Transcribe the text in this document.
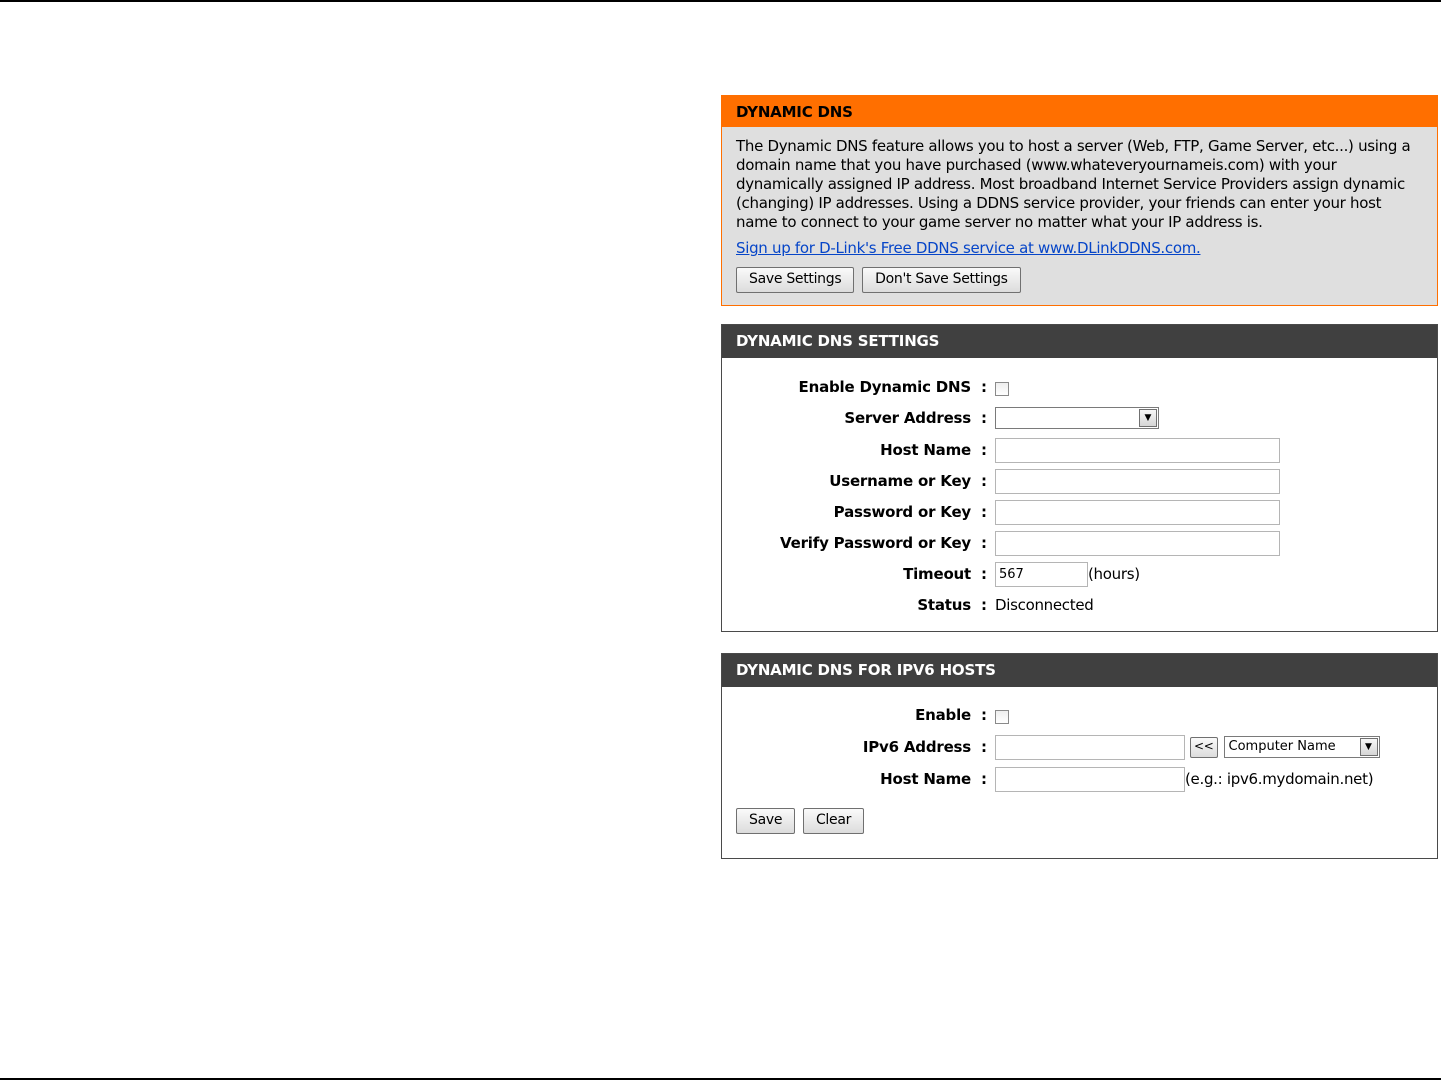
DYNAMIC DNS

The Dynamic DNS feature allows you to host a server (Web, FTP, Game Server, etc...) using a domain name that you have purchased (www.whateveryournameis.com) with your dynamically assigned IP address. Most broadband Internet Service Providers assign dynamic (changing) IP addresses. Using a DDNS service provider, your friends can enter your host name to connect to your game server no matter what your IP address is.

Sign up for D-Link's Free DDNS service at www.DLinkDDNS.com.
Save Settings Don't Save Settings
DYNAMIC DNS SETTINGS
Enable Dynamic DNS :
Server Address :	▼
Host Name :
Username or Key :
Password or Key :
Verify Password or Key :
Timeout :
567	(hours)
Status : Disconnected
DYNAMIC DNS FOR IPV6 HOSTS
Enable :
IPv6 Address :	<<	Computer Name	▼
Host Name :	(e.g.: ipv6.mydomain.net)
Save Clear
